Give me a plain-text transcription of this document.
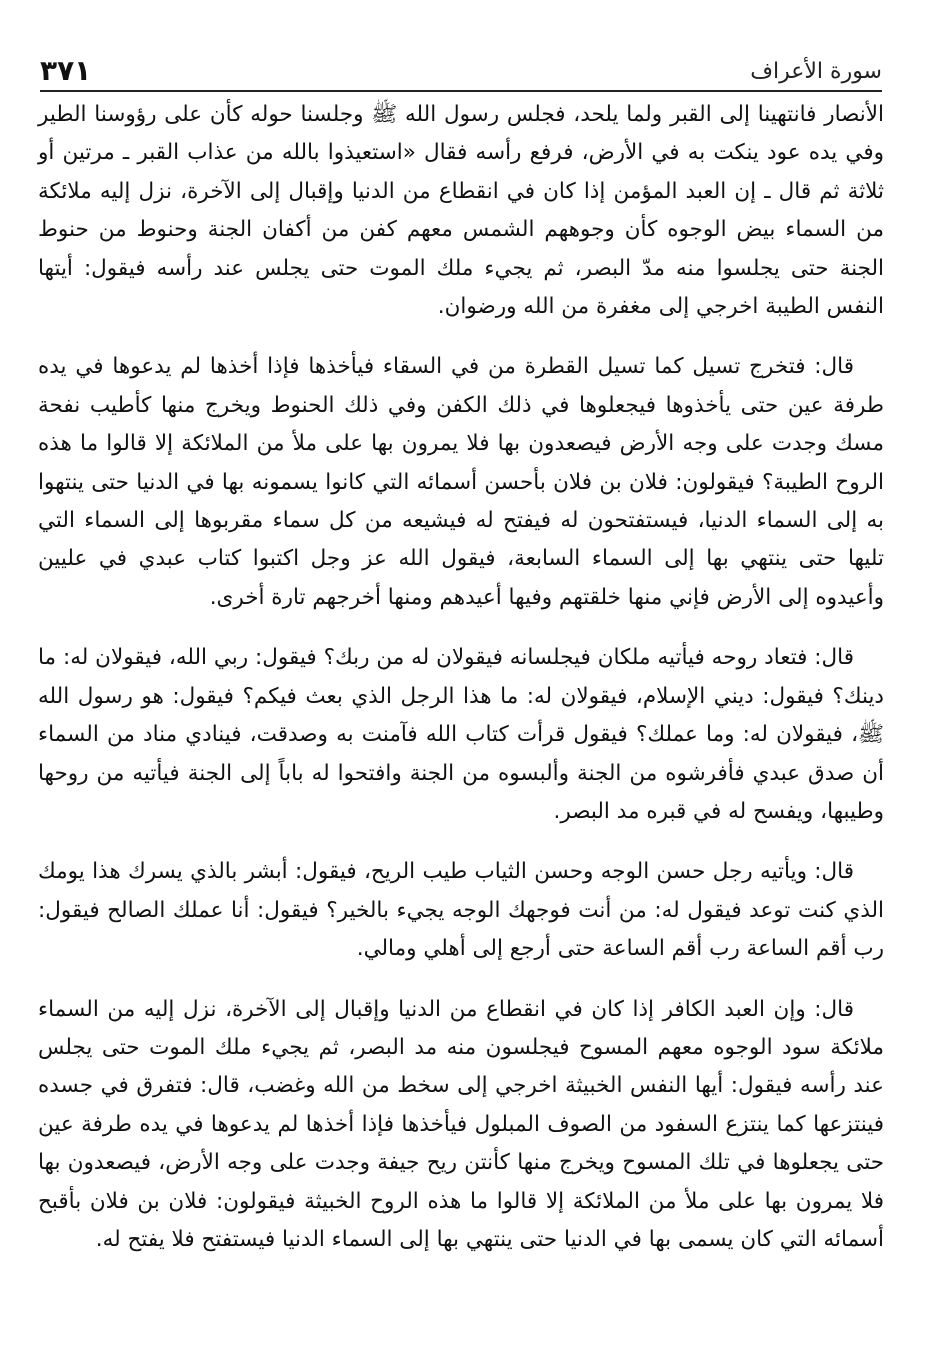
سورة الأعراف
٣٧١

الأنصار فانتهينا إلى القبر ولما يلحد، فجلس رسول الله ﷺ وجلسنا حوله كأن على رؤوسنا الطير وفي يده عود ينكت به في الأرض، فرفع رأسه فقال «استعيذوا بالله من عذاب القبر ـ مرتين أو ثلاثة ثم قال ـ إن العبد المؤمن إذا كان في انقطاع من الدنيا وإقبال إلى الآخرة، نزل إليه ملائكة من السماء بيض الوجوه كأن وجوههم الشمس معهم كفن من أكفان الجنة وحنوط من حنوط الجنة حتى يجلسوا منه مدّ البصر، ثم يجيء ملك الموت حتى يجلس عند رأسه فيقول: أيتها النفس الطيبة اخرجي إلى مغفرة من الله ورضوان.

قال: فتخرج تسيل كما تسيل القطرة من في السقاء فيأخذها فإذا أخذها لم يدعوها في يده طرفة عين حتى يأخذوها فيجعلوها في ذلك الكفن وفي ذلك الحنوط ويخرج منها كأطيب نفحة مسك وجدت على وجه الأرض فيصعدون بها فلا يمرون بها على ملأ من الملائكة إلا قالوا ما هذه الروح الطيبة؟ فيقولون: فلان بن فلان بأحسن أسمائه التي كانوا يسمونه بها في الدنيا حتى ينتهوا به إلى السماء الدنيا، فيستفتحون له فيفتح له فيشيعه من كل سماء مقربوها إلى السماء التي تليها حتى ينتهي بها إلى السماء السابعة، فيقول الله عز وجل اكتبوا كتاب عبدي في عليين وأعيدوه إلى الأرض فإني منها خلقتهم وفيها أعيدهم ومنها أخرجهم تارة أخرى.

قال: فتعاد روحه فيأتيه ملكان فيجلسانه فيقولان له من ربك؟ فيقول: ربي الله، فيقولان له: ما دينك؟ فيقول: ديني الإسلام، فيقولان له: ما هذا الرجل الذي بعث فيكم؟ فيقول: هو رسول الله ﷺ، فيقولان له: وما عملك؟ فيقول قرأت كتاب الله فآمنت به وصدقت، فينادي مناد من السماء أن صدق عبدي فأفرشوه من الجنة وألبسوه من الجنة وافتحوا له باباً إلى الجنة فيأتيه من روحها وطيبها، ويفسح له في قبره مد البصر.

قال: ويأتيه رجل حسن الوجه وحسن الثياب طيب الريح، فيقول: أبشر بالذي يسرك هذا يومك الذي كنت توعد فيقول له: من أنت فوجهك الوجه يجيء بالخير؟ فيقول: أنا عملك الصالح فيقول: رب أقم الساعة رب أقم الساعة حتى أرجع إلى أهلي ومالي.

قال: وإن العبد الكافر إذا كان في انقطاع من الدنيا وإقبال إلى الآخرة، نزل إليه من السماء ملائكة سود الوجوه معهم المسوح فيجلسون منه مد البصر، ثم يجيء ملك الموت حتى يجلس عند رأسه فيقول: أيها النفس الخبيثة اخرجي إلى سخط من الله وغضب، قال: فتفرق في جسده فينتزعها كما ينتزع السفود من الصوف المبلول فيأخذها فإذا أخذها لم يدعوها في يده طرفة عين حتى يجعلوها في تلك المسوح ويخرج منها كأنتن ريح جيفة وجدت على وجه الأرض، فيصعدون بها فلا يمرون بها على ملأ من الملائكة إلا قالوا ما هذه الروح الخبيثة فيقولون: فلان بن فلان بأقبح أسمائه التي كان يسمى بها في الدنيا حتى ينتهي بها إلى السماء الدنيا فيستفتح فلا يفتح له.
